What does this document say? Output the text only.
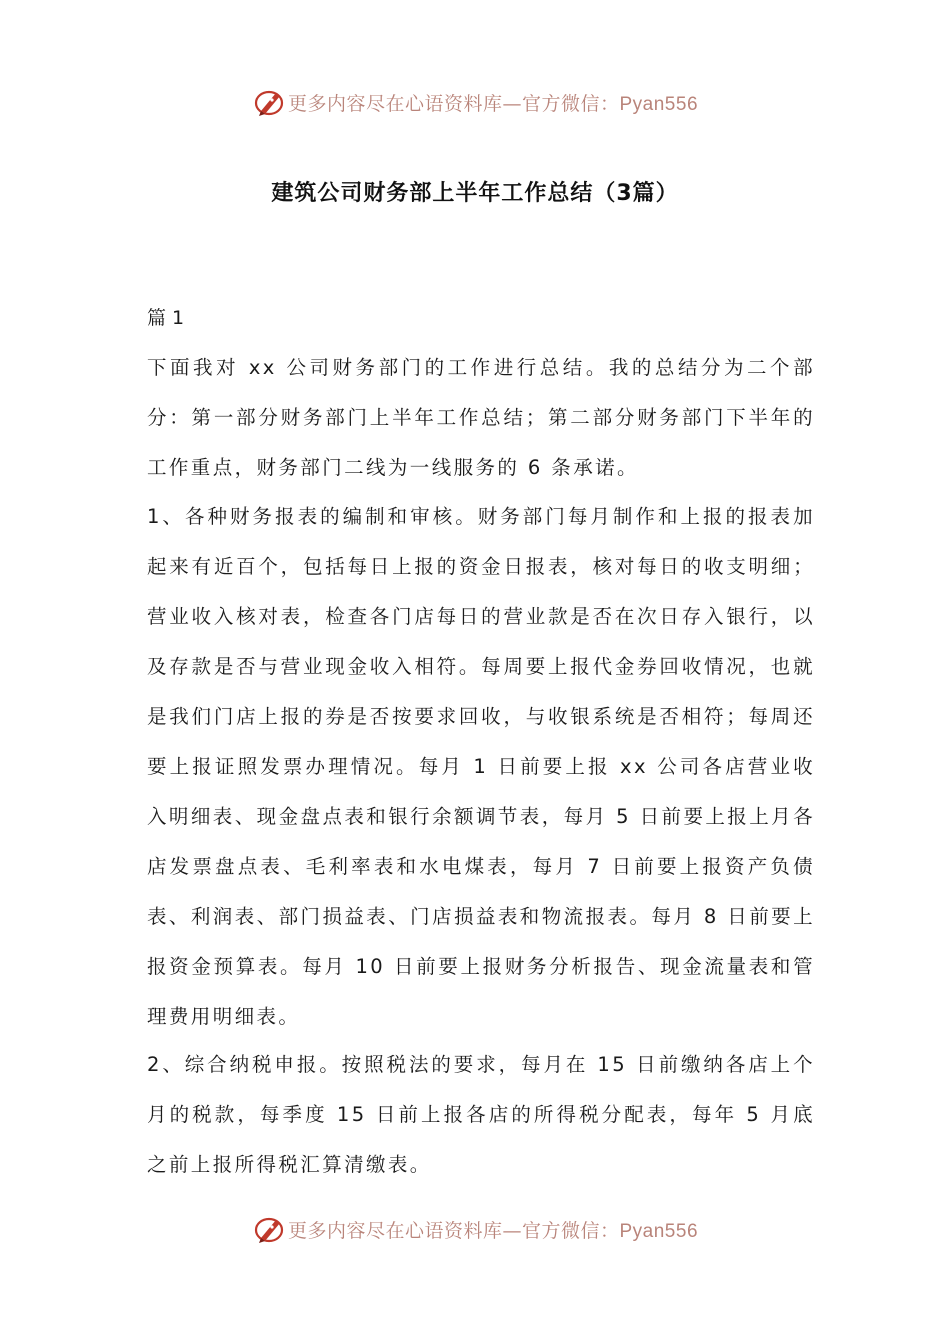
更多内容尽在心语资料库—官方微信：Pyan556
建筑公司财务部上半年工作总结（3篇）

篇 1

下面我对 xx 公司财务部门的工作进行总结。我的总结分为二个部分：第一部分财务部门上半年工作总结；第二部分财务部门下半年的工作重点，财务部门二线为一线服务的 6 条承诺。

1、各种财务报表的编制和审核。财务部门每月制作和上报的报表加起来有近百个，包括每日上报的资金日报表，核对每日的收支明细；营业收入核对表，检查各门店每日的营业款是否在次日存入银行，以及存款是否与营业现金收入相符。每周要上报代金券回收情况，也就是我们门店上报的券是否按要求回收，与收银系统是否相符；每周还要上报证照发票办理情况。每月 1 日前要上报 xx 公司各店营业收入明细表、现金盘点表和银行余额调节表，每月 5 日前要上报上月各店发票盘点表、毛利率表和水电煤表，每月 7 日前要上报资产负债表、利润表、部门损益表、门店损益表和物流报表。每月 8 日前要上报资金预算表。每月 10 日前要上报财务分析报告、现金流量表和管理费用明细表。

2、综合纳税申报。按照税法的要求，每月在 15 日前缴纳各店上个月的税款，每季度 15 日前上报各店的所得税分配表，每年 5 月底之前上报所得税汇算清缴表。

更多内容尽在心语资料库—官方微信：Pyan556
